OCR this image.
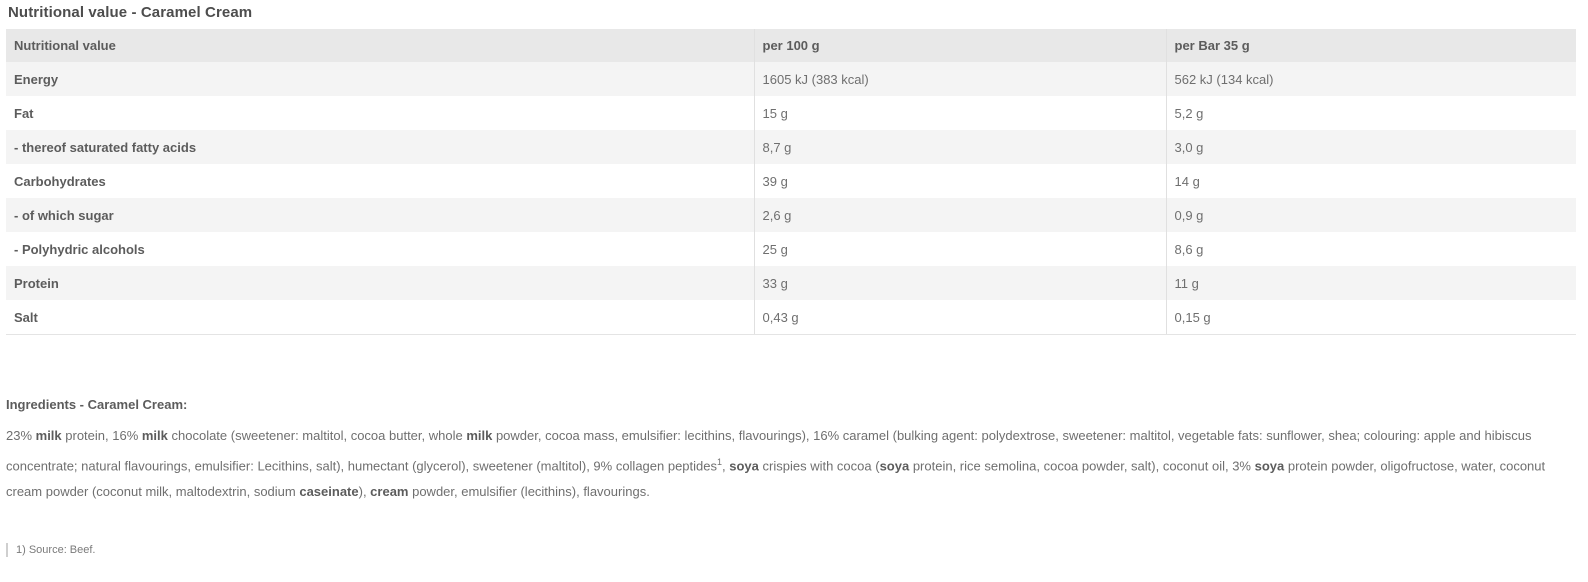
Nutritional value - Caramel Cream
Nutritional value	per 100 g	per Bar 35 g
Energy	1605 kJ (383 kcal)	562 kJ (134 kcal)
Fat	15 g	5,2 g
- thereof saturated fatty acids	8,7 g	3,0 g
Carbohydrates	39 g	14 g
- of which sugar	2,6 g	0,9 g
- Polyhydric alcohols	25 g	8,6 g
Protein	33 g	11 g
Salt	0,43 g	0,15 g
Ingredients - Caramel Cream:
23% milk protein, 16% milk chocolate (sweetener: maltitol, cocoa butter, whole milk powder, cocoa mass, emulsifier: lecithins, flavourings), 16% caramel (bulking agent: polydextrose, sweetener: maltitol, vegetable fats: sunflower, shea; colouring: apple and hibiscus concentrate; natural flavourings, emulsifier: Lecithins, salt), humectant (glycerol), sweetener (maltitol), 9% collagen peptides$^1$, soya crispies with cocoa (soya protein, rice semolina, cocoa powder, salt), coconut oil, 3% soya protein powder, oligofructose, water, coconut cream powder (coconut milk, maltodextrin, sodium caseinate), cream powder, emulsifier (lecithins), flavourings.
1) Source: Beef.
